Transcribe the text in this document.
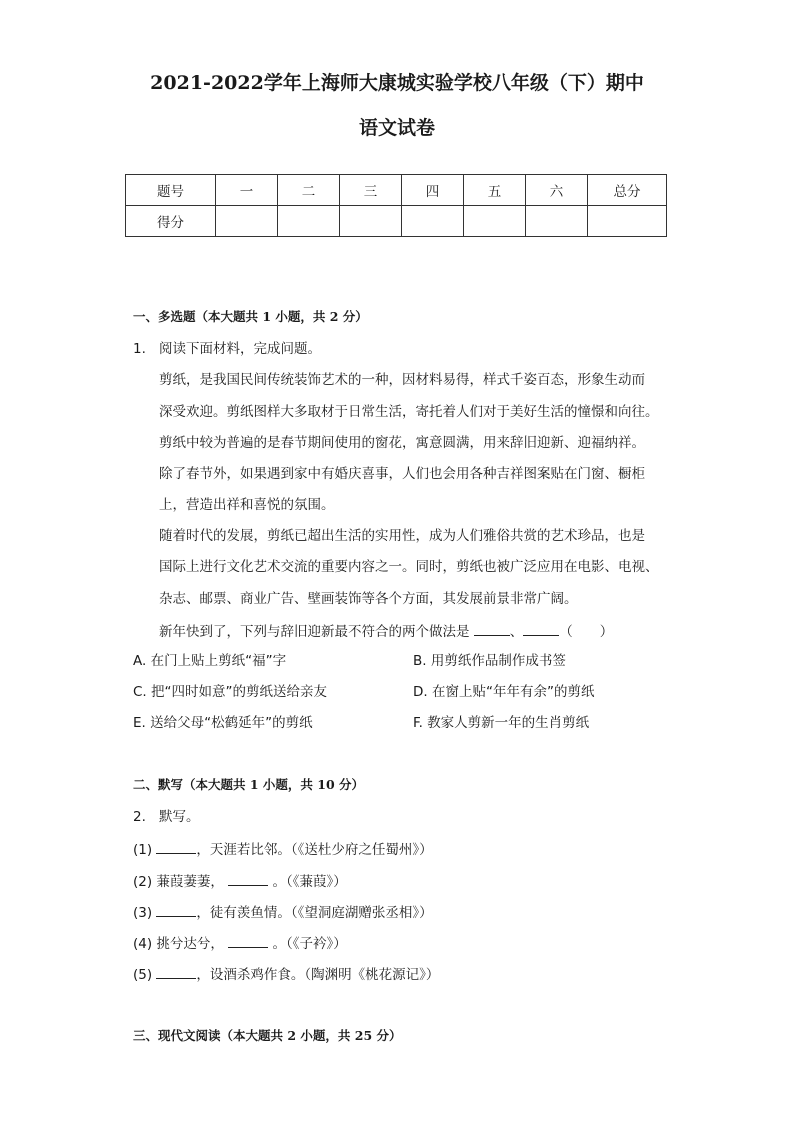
2021-2022学年上海师大康城实验学校八年级（下）期中
语文试卷
题号	一	二	三	四	五	六	总分
得分							
一、多选题（本大题共 1 小题，共 2 分）
1. 阅读下面材料，完成问题。
剪纸，是我国民间传统装饰艺术的一种，因材料易得，样式千姿百态，形象生动而
深受欢迎。剪纸图样大多取材于日常生活，寄托着人们对于美好生活的憧憬和向往。
剪纸中较为普遍的是春节期间使用的窗花，寓意圆满，用来辞旧迎新、迎福纳祥。
除了春节外，如果遇到家中有婚庆喜事，人们也会用各种吉祥图案贴在门窗、橱柜
上，营造出祥和喜悦的氛围。
随着时代的发展，剪纸已超出生活的实用性，成为人们雅俗共赏的艺术珍品，也是
国际上进行文化艺术交流的重要内容之一。同时，剪纸也被广泛应用在电影、电视、
杂志、邮票、商业广告、壁画装饰等各个方面，其发展前景非常广阔。
新年快到了，下列与辞旧迎新最不符合的两个做法是	、	（　　）
A. 在门上贴上剪纸“福”字	B. 用剪纸作品制作成书签
C. 把“四时如意”的剪纸送给亲友	D. 在窗上贴“年年有余”的剪纸
E. 送给父母“松鹤延年”的剪纸	F. 教家人剪新一年的生肖剪纸
二、默写（本大题共 1 小题，共 10 分）
2. 默写。
(1)	，天涯若比邻。（《送杜少府之任蜀州》）
(2) 蒹葭萋萋，	。（《蒹葭》）
(3)	，徒有羡鱼情。（《望洞庭湖赠张丞相》）
(4) 挑兮达兮，	。（《子衿》）
(5)	，设酒杀鸡作食。（陶渊明《桃花源记》）
三、现代文阅读（本大题共 2 小题，共 25 分）
